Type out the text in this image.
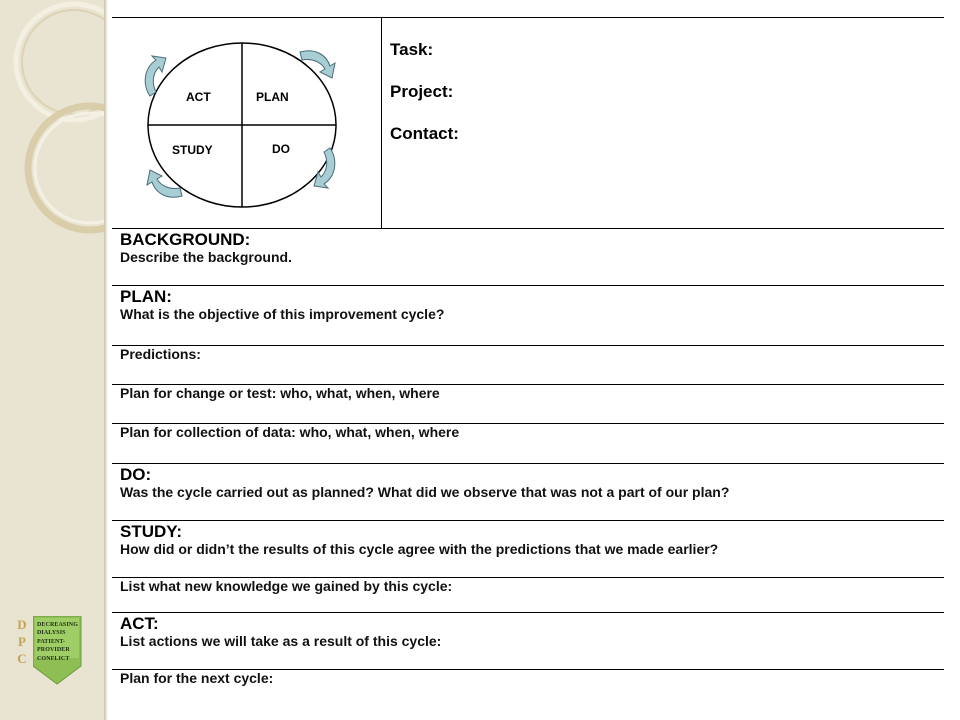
D
P
C
DECREASING
DIALYSIS
PATIENT-
PROVIDER
CONFLICT
ACT	PLAN
STUDY	DO
Task:
Project:
Contact:
BACKGROUND:
Describe the background.
PLAN:
What is the objective of this improvement cycle?
Predictions:
Plan for change or test: who, what, when, where
Plan for collection of data: who, what, when, where
DO:
Was the cycle carried out as planned? What did we observe that was not a part of our plan?
STUDY:
How did or didn’t the results of this cycle agree with the predictions that we made earlier?
List what new knowledge we gained by this cycle:
ACT:
List actions we will take as a result of this cycle:
Plan for the next cycle:
